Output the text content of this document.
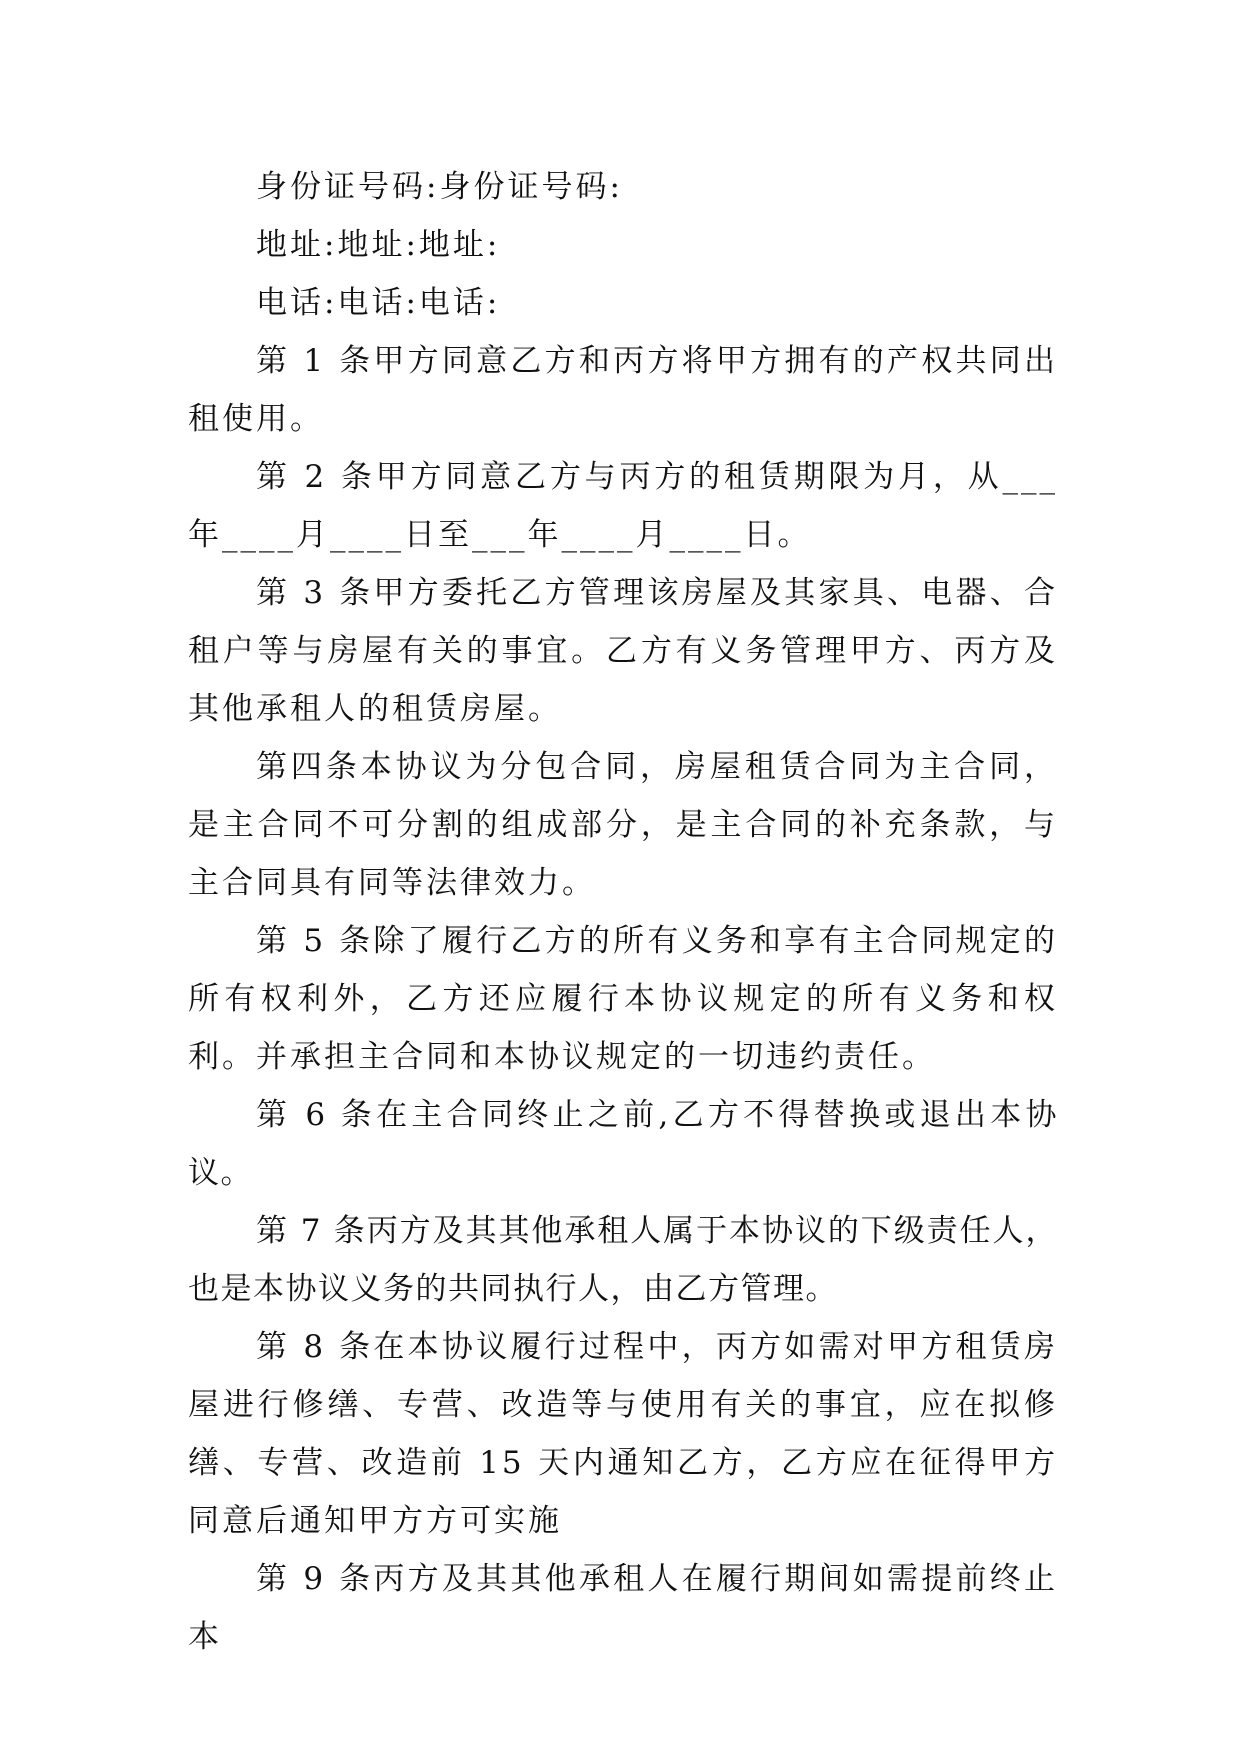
身份证号码:身份证号码:

地址:地址:地址:

电话:电话:电话:

第 1 条甲方同意乙方和丙方将甲方拥有的产权共同出租使用。

第 2 条甲方同意乙方与丙方的租赁期限为月，从___年____月____日至___年____月____日。

第 3 条甲方委托乙方管理该房屋及其家具、电器、合租户等与房屋有关的事宜。乙方有义务管理甲方、丙方及其他承租人的租赁房屋。

第四条本协议为分包合同，房屋租赁合同为主合同，是主合同不可分割的组成部分，是主合同的补充条款，与主合同具有同等法律效力。

第 5 条除了履行乙方的所有义务和享有主合同规定的所有权利外，乙方还应履行本协议规定的所有义务和权利。并承担主合同和本协议规定的一切违约责任。

第 6 条在主合同终止之前,乙方不得替换或退出本协议。

第 7 条丙方及其其他承租人属于本协议的下级责任人，也是本协议义务的共同执行人，由乙方管理。

第 8 条在本协议履行过程中，丙方如需对甲方租赁房屋进行修缮、专营、改造等与使用有关的事宜，应在拟修缮、专营、改造前 15 天内通知乙方，乙方应在征得甲方同意后通知甲方方可实施

第 9 条丙方及其其他承租人在履行期间如需提前终止本
